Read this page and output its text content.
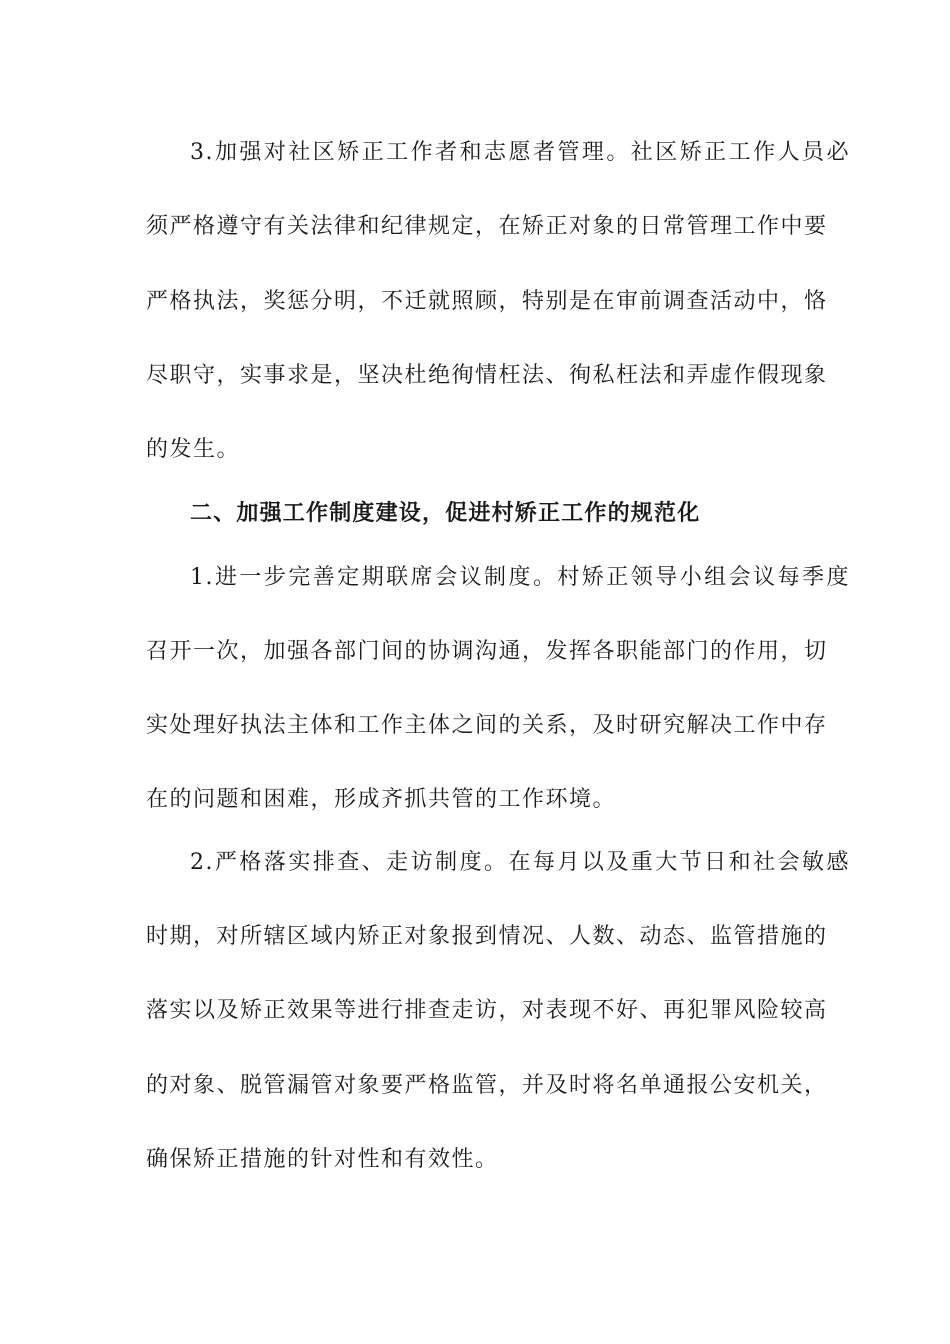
3.加强对社区矫正工作者和志愿者管理。社区矫正工作人员必
须严格遵守有关法律和纪律规定，在矫正对象的日常管理工作中要
严格执法，奖惩分明，不迁就照顾，特别是在审前调查活动中，恪
尽职守，实事求是，坚决杜绝徇情枉法、徇私枉法和弄虚作假现象
的发生。
二、加强工作制度建设，促进村矫正工作的规范化
1.进一步完善定期联席会议制度。村矫正领导小组会议每季度
召开一次，加强各部门间的协调沟通，发挥各职能部门的作用，切
实处理好执法主体和工作主体之间的关系，及时研究解决工作中存
在的问题和困难，形成齐抓共管的工作环境。
2.严格落实排查、走访制度。在每月以及重大节日和社会敏感
时期，对所辖区域内矫正对象报到情况、人数、动态、监管措施的
落实以及矫正效果等进行排查走访，对表现不好、再犯罪风险较高
的对象、脱管漏管对象要严格监管，并及时将名单通报公安机关，
确保矫正措施的针对性和有效性。
